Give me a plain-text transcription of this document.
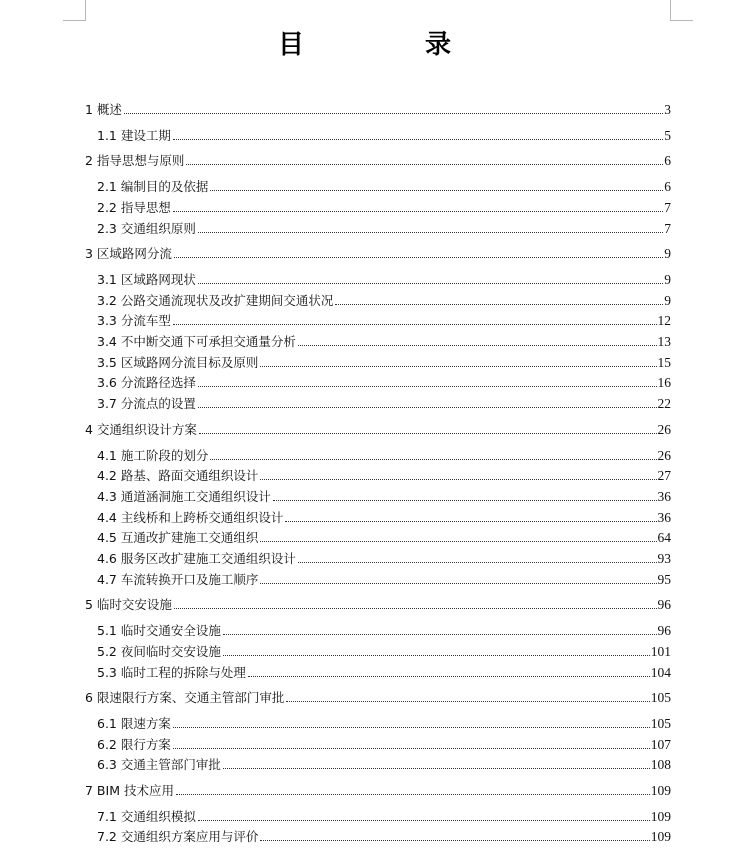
目 录
1 概述	3
1.1 建设工期	5
2 指导思想与原则	6
2.1 编制目的及依据	6
2.2 指导思想	7
2.3 交通组织原则	7
3 区域路网分流	9
3.1 区域路网现状	9
3.2 公路交通流现状及改扩建期间交通状况	9
3.3 分流车型	12
3.4 不中断交通下可承担交通量分析	13
3.5 区域路网分流目标及原则	15
3.6 分流路径选择	16
3.7 分流点的设置	22
4 交通组织设计方案	26
4.1 施工阶段的划分	26
4.2 路基、路面交通组织设计	27
4.3 通道涵洞施工交通组织设计	36
4.4 主线桥和上跨桥交通组织设计	36
4.5 互通改扩建施工交通组织	64
4.6 服务区改扩建施工交通组织设计	93
4.7 车流转换开口及施工顺序	95
5 临时交安设施	96
5.1 临时交通安全设施	96
5.2 夜间临时交安设施	101
5.3 临时工程的拆除与处理	104
6 限速限行方案、交通主管部门审批	105
6.1 限速方案	105
6.2 限行方案	107
6.3 交通主管部门审批	108
7 BIM 技术应用	109
7.1 交通组织模拟	109
7.2 交通组织方案应用与评价	109
